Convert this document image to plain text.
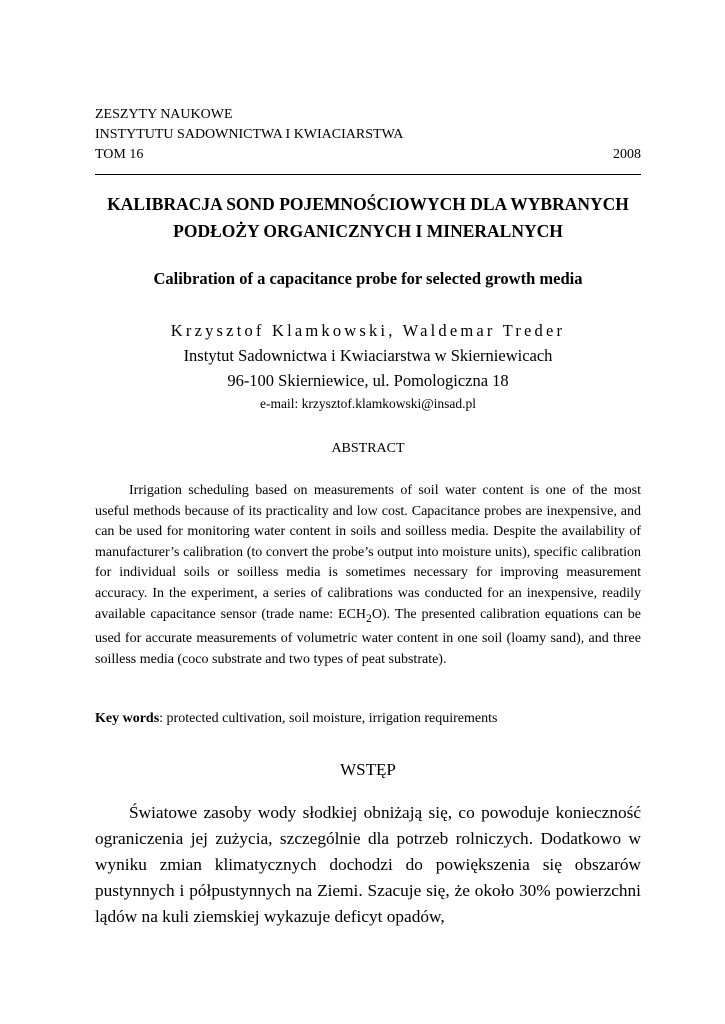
ZESZYTY NAUKOWE
INSTYTUTU SADOWNICTWA I KWIACIARSTWA
TOM 16	2008
KALIBRACJA SOND POJEMNOŚCIOWYCH DLA WYBRANYCH
PODŁOŻY ORGANICZNYCH I MINERALNYCH
Calibration of a capacitance probe for selected growth media
Krzysztof Klamkowski, Waldemar Treder
Instytut Sadownictwa i Kwiaciarstwa w Skierniewicach
96-100 Skierniewice, ul. Pomologiczna 18
e-mail: krzysztof.klamkowski@insad.pl
ABSTRACT

Irrigation scheduling based on measurements of soil water content is one of the most useful methods because of its practicality and low cost. Capacitance probes are inexpensive, and can be used for monitoring water content in soils and soilless media. Despite the availability of manufacturer’s calibration (to convert the probe’s output into moisture units), specific calibration for individual soils or soilless media is sometimes necessary for improving measurement accuracy. In the experiment, a series of calibrations was conducted for an inexpensive, readily available capacitance sensor (trade name: $ECH_2O$). The presented calibration equations can be used for accurate measurements of volumetric water content in one soil (loamy sand), and three soilless media (coco substrate and two types of peat substrate).

Key words: protected cultivation, soil moisture, irrigation requirements
WSTĘP

Światowe zasoby wody słodkiej obniżają się, co powoduje konieczność ograniczenia jej zużycia, szczególnie dla potrzeb rolniczych. Dodatkowo w wyniku zmian klimatycznych dochodzi do powiększenia się obszarów pustynnych i półpustynnych na Ziemi. Szacuje się, że około 30% powierzchni lądów na kuli ziemskiej wykazuje deficyt opadów,
